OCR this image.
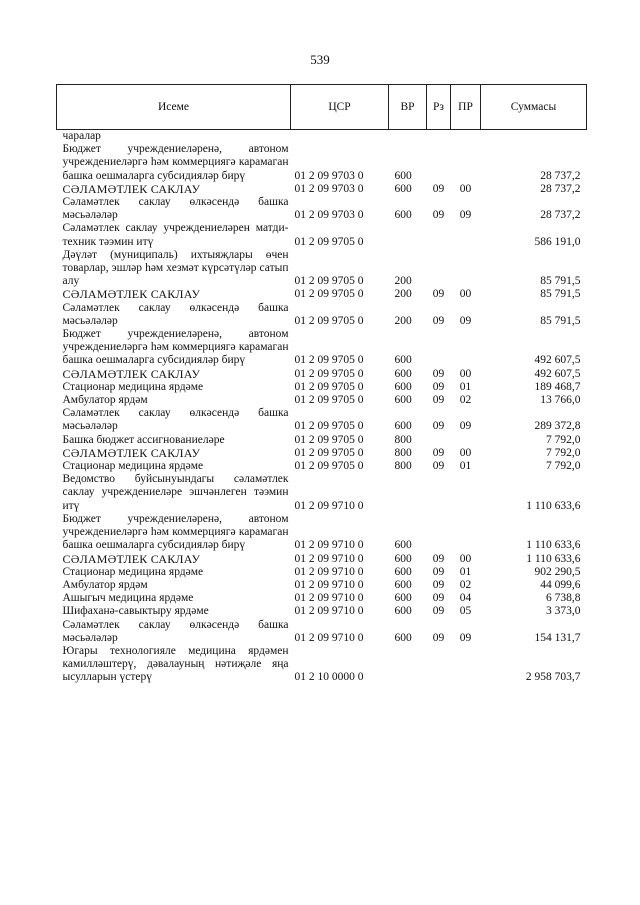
539
Исеме	ЦСР	ВР	Рз	ПР	Суммасы
чаралар					
Бюджет учреждениеләренә, автоном учреждениеләргә һәм коммерциягә карамаган башка оешмаларга субсидияләр бирү	01 2 09 9703 0	600			28 737,2
СӘЛАМӘТЛЕК САКЛАУ	01 2 09 9703 0	600	09	00	28 737,2
Сәламәтлек саклау өлкәсендә башка мәсьәләләр	01 2 09 9703 0	600	09	09	28 737,2
Сәламәтлек саклау учреждениеләрен матди-техник тәэмин итү	01 2 09 9705 0				586 191,0
Дәүләт (муниципаль) ихтыяҗлары өчен товарлар, эшләр һәм хезмәт күрсәтүләр сатып алу	01 2 09 9705 0	200			85 791,5
СӘЛАМӘТЛЕК САКЛАУ	01 2 09 9705 0	200	09	00	85 791,5
Сәламәтлек саклау өлкәсендә башка мәсьәләләр	01 2 09 9705 0	200	09	09	85 791,5
Бюджет учреждениеләренә, автоном учреждениеләргә һәм коммерциягә карамаган башка оешмаларга субсидияләр бирү	01 2 09 9705 0	600			492 607,5
СӘЛАМӘТЛЕК САКЛАУ	01 2 09 9705 0	600	09	00	492 607,5
Стационар медицина ярдәме	01 2 09 9705 0	600	09	01	189 468,7
Амбулатор ярдәм	01 2 09 9705 0	600	09	02	13 766,0
Сәламәтлек саклау өлкәсендә башка мәсьәләләр	01 2 09 9705 0	600	09	09	289 372,8
Башка бюджет ассигнованиеләре	01 2 09 9705 0	800			7 792,0
СӘЛАМӘТЛЕК САКЛАУ	01 2 09 9705 0	800	09	00	7 792,0
Стационар медицина ярдәме	01 2 09 9705 0	800	09	01	7 792,0
Ведомство буйсынуындагы сәламәтлек саклау учреждениеләре эшчәнлеген тәэмин итү	01 2 09 9710 0				1 110 633,6
Бюджет учреждениеләренә, автоном учреждениеләргә һәм коммерциягә карамаган башка оешмаларга субсидияләр бирү	01 2 09 9710 0	600			1 110 633,6
СӘЛАМӘТЛЕК САКЛАУ	01 2 09 9710 0	600	09	00	1 110 633,6
Стационар медицина ярдәме	01 2 09 9710 0	600	09	01	902 290,5
Амбулатор ярдәм	01 2 09 9710 0	600	09	02	44 099,6
Ашыгыч медицина ярдәме	01 2 09 9710 0	600	09	04	6 738,8
Шифаханә-савыктыру ярдәме	01 2 09 9710 0	600	09	05	3 373,0
Сәламәтлек саклау өлкәсендә башка мәсьәләләр	01 2 09 9710 0	600	09	09	154 131,7
Югары технологияле медицина ярдәмен камилләштерү, дәвалауның нәтиҗәле яңа ысулларын үстерү	01 2 10 0000 0				2 958 703,7
